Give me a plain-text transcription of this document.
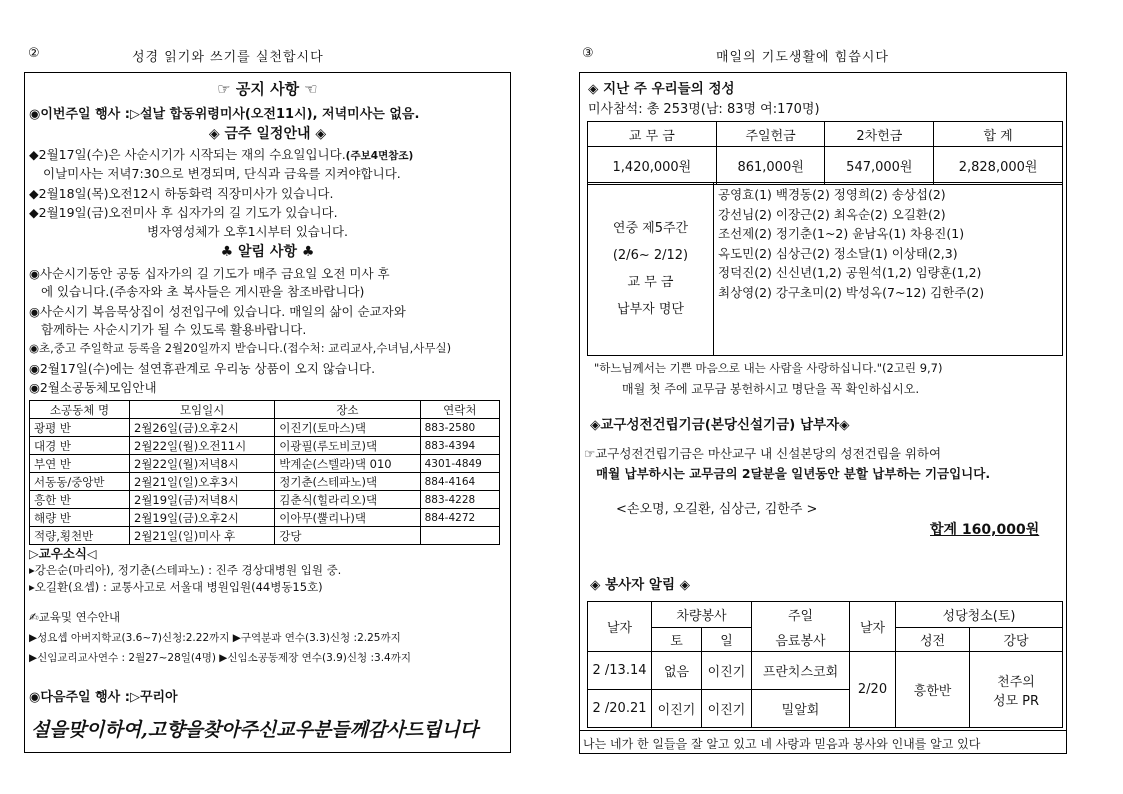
②	성경 읽기와 쓰기를 실천합시다
☞ 공지 사항 ☜
◉이번주일 행사 :▷설날 합동위령미사(오전11시), 저녁미사는 없음.
◈ 금주 일정안내 ◈
◆2월17일(수)은 사순시기가 시작되는 재의 수요일입니다.(주보4면참조)
이날미사는 저녁7:30으로 변경되며, 단식과 금육를 지켜야합니다.
◆2월18일(목)오전12시 하동화력 직장미사가 있습니다.
◆2월19일(금)오전미사 후 십자가의 길 기도가 있습니다.
병자영성체가 오후1시부터 있습니다.
♣ 알림 사항 ♣
◉사순시기동안 공동 십자가의 길 기도가 매주 금요일 오전 미사 후
에 있습니다.(주송자와 초 복사들은 게시판을 참조바랍니다)
◉사순시기 복음묵상집이 성전입구에 있습니다. 매일의 삶이 순교자와
함께하는 사순시기가 될 수 있도록 활용바랍니다.
◉초,중고 주일학교 등록을 2월20일까지 받습니다.(접수처: 교리교사,수녀님,사무실)
◉2월17일(수)에는 설연휴관계로 우리농 상품이 오지 않습니다.
◉2월소공동체모임안내
소공동체 명	모임일시	장소	연락처
광평 반	2월26일(금)오후2시	이진기(토마스)댁	883-2580
대경 반	2월22일(월)오전11시	이광필(루도비코)댁	883-4394
부연 반	2월22일(월)저녁8시	박계순(스텔라)댁 010	4301-4849
서동동/중앙반	2월21일(일)오후3시	정기춘(스테파노)댁	884-4164
흥한 반	2월19일(금)저녁8시	김춘식(힐라리오)댁	883-4228
해량 반	2월19일(금)오후2시	이아무(뿔리나)댁	884-4272
적량,횡천반	2월21일(일)미사 후	강당	
▷교우소식◁
▸강은순(마리아), 정기춘(스테파노) : 진주 경상대병원 입원 중.
▸오길환(요셉) : 교통사고로 서울대 병원입원(44병동15호)
✍교육및 연수안내
▶성요셉 아버지학교(3.6~7)신청:2.22까지 ▶구역분과 연수(3.3)신청 :2.25까지
▶신임교리교사연수 : 2월27~28일(4명) ▶신임소공동제장 연수(3.9)신청 :3.4까지
◉다음주일 행사 :▷꾸리아
설을맞이하여,고향을찾아주신교우분들께감사드립니다
③	매일의 기도생활에 힘씁시다
◈ 지난 주 우리들의 정성
미사참석: 총 253명(남: 83명 여:170명)
교 무 금	주일헌금	2차헌금	합 계
1,420,000원	861,000원	547,000원	2,828,000원
연중 제5주간
(2/6~ 2/12)
교 무 금
납부자 명단
공영효(1) 백경동(2) 정영희(2) 송상섭(2)
강선님(2) 이장근(2) 최옥순(2) 오길환(2)
조선제(2) 정기춘(1~2) 윤남옥(1) 차용진(1)
옥도민(2) 심상근(2) 정소달(1) 이상태(2,3)
정덕진(2) 신신년(1,2) 공원석(1,2) 임량훈(1,2)
최상영(2) 강구초미(2) 박성옥(7~12) 김한주(2)
"하느님께서는 기쁜 마음으로 내는 사람을 사랑하십니다."(2고린 9,7)
매월 첫 주에 교무금 봉헌하시고 명단을 꼭 확인하십시오.
◈교구성전건립기금(본당신설기금) 납부자◈
☞교구성전건립기금은 마산교구 내 신설본당의 성전건립을 위하여
매월 납부하시는 교무금의 2달분을 일년동안 분할 납부하는 기금입니다.
<손오명, 오길환, 심상근, 김한주 >
합계 160,000원
◈ 봉사자 알림 ◈
날자	차량봉사		주일	날자	성당청소(토)	
	토	일	음료봉사		성전	강당
2 /13.14	없음	이진기	프란치스코회	2/20	흥한반	천주의
성모 PR

2 /20.21	이진기	이진기	밀알회			
나는 네가 한 일들을 잘 알고 있고 네 사랑과 믿음과 봉사와 인내를 알고 있다
